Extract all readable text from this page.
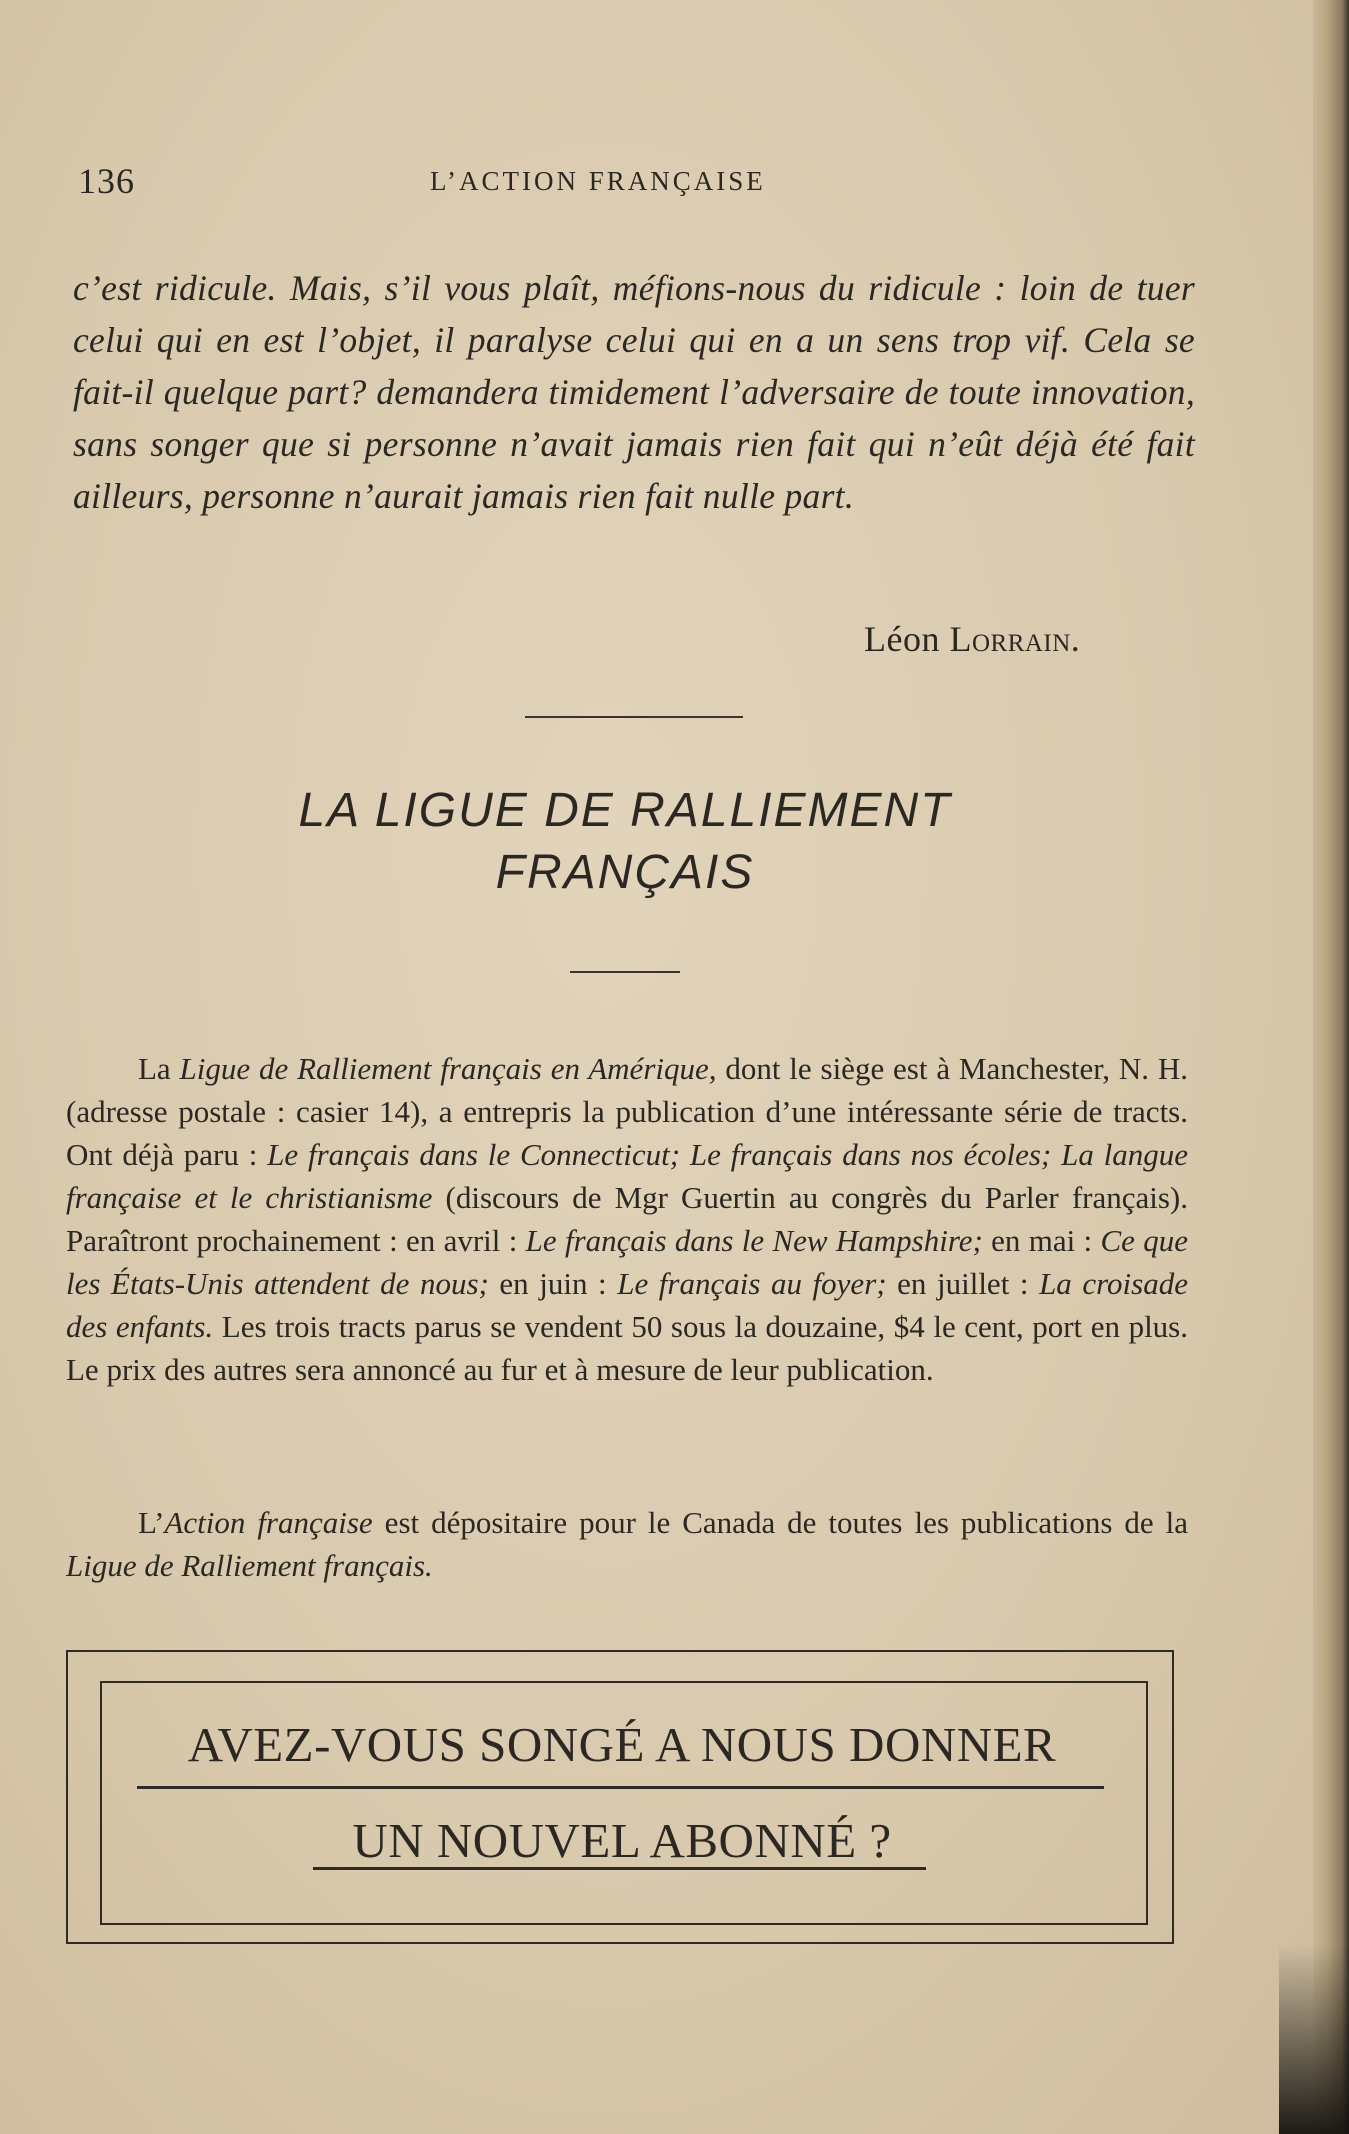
136	L’ACTION FRANÇAISE

c’est ridicule. Mais, s’il vous plaît, méfions-nous du ridicule : loin de tuer celui qui en est l’objet, il paralyse celui qui en a un sens trop vif. Cela se fait-il quelque part? demandera timidement l’adversaire de toute innovation, sans songer que si personne n’avait jamais rien fait qui n’eût déjà été fait ailleurs, personne n’aurait jamais rien fait nulle part.

Léon Lorrain.
LA LIGUE DE RALLIEMENT
FRANÇAIS

La Ligue de Ralliement français en Amérique, dont le siège est à Manchester, N. H. (adresse postale : casier 14), a entrepris la publication d’une intéressante série de tracts. Ont déjà paru : Le français dans le Connecticut; Le français dans nos écoles; La langue française et le christianisme (discours de Mgr Guertin au congrès du Parler français). Paraîtront prochainement : en avril : Le français dans le New Hampshire; en mai : Ce que les États-Unis attendent de nous; en juin : Le français au foyer; en juillet : La croisade des enfants. Les trois tracts parus se vendent 50 sous la douzaine, $4 le cent, port en plus. Le prix des autres sera annoncé au fur et à mesure de leur publication.

L’Action française est dépositaire pour le Canada de toutes les publications de la Ligue de Ralliement français.

AVEZ-VOUS SONGÉ A NOUS DONNER
UN NOUVEL ABONNÉ ?
